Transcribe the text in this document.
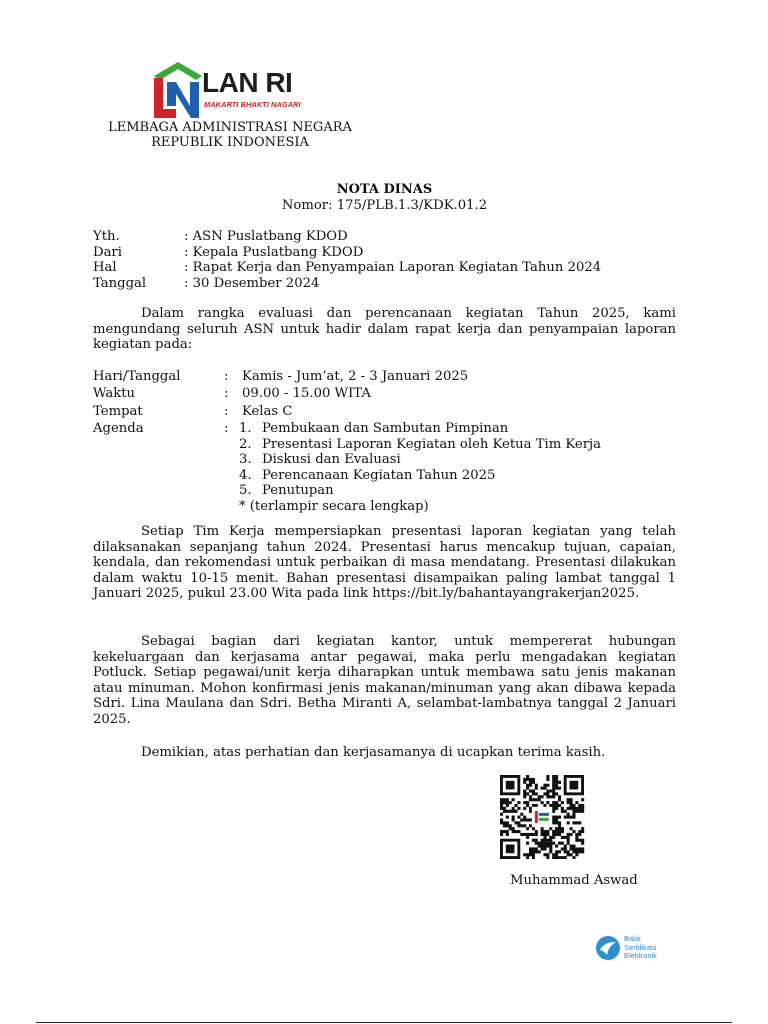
LAN RI
MAKARTI BHAKTI NAGARI
LEMBAGA ADMINISTRASI NEGARA
REPUBLIK INDONESIA
NOTA DINAS
Nomor: 175/PLB.1.3/KDK.01.2
Yth.	: ASN Puslatbang KDOD
Dari	: Kepala Puslatbang KDOD
Hal	: Rapat Kerja dan Penyampaian Laporan Kegiatan Tahun 2024
Tanggal	: 30 Desember 2024

Dalam rangka evaluasi dan perencanaan kegiatan Tahun 2025, kami mengundang seluruh ASN untuk hadir dalam rapat kerja dan penyampaian laporan kegiatan pada:

Hari/Tanggal	: Kamis - Jum’at, 2 - 3 Januari 2025
Waktu	: 09.00 - 15.00 WITA
Tempat	: Kelas C
Agenda	: 1. Pembukaan dan Sambutan Pimpinan
2. Presentasi Laporan Kegiatan oleh Ketua Tim Kerja
3. Diskusi dan Evaluasi
4. Perencanaan Kegiatan Tahun 2025
5. Penutupan
* (terlampir secara lengkap)

Setiap Tim Kerja mempersiapkan presentasi laporan kegiatan yang telah dilaksanakan sepanjang tahun 2024. Presentasi harus mencakup tujuan, capaian, kendala, dan rekomendasi untuk perbaikan di masa mendatang. Presentasi dilakukan dalam waktu 10-15 menit. Bahan presentasi disampaikan paling lambat tanggal 1 Januari 2025, pukul 23.00 Wita pada link https://bit.ly/bahantayangrakerjan2025.

Sebagai bagian dari kegiatan kantor, untuk mempererat hubungan kekeluargaan dan kerjasama antar pegawai, maka perlu mengadakan kegiatan Potluck. Setiap pegawai/unit kerja diharapkan untuk membawa satu jenis makanan atau minuman. Mohon konfirmasi jenis makanan/minuman yang akan dibawa kepada Sdri. Lina Maulana dan Sdri. Betha Miranti A, selambat-lambatnya tanggal 2 Januari 2025.

Demikian, atas perhatian dan kerjasamanya di ucapkan terima kasih.

Muhammad Aswad
Balai
Sertifikasi
Elektronik
